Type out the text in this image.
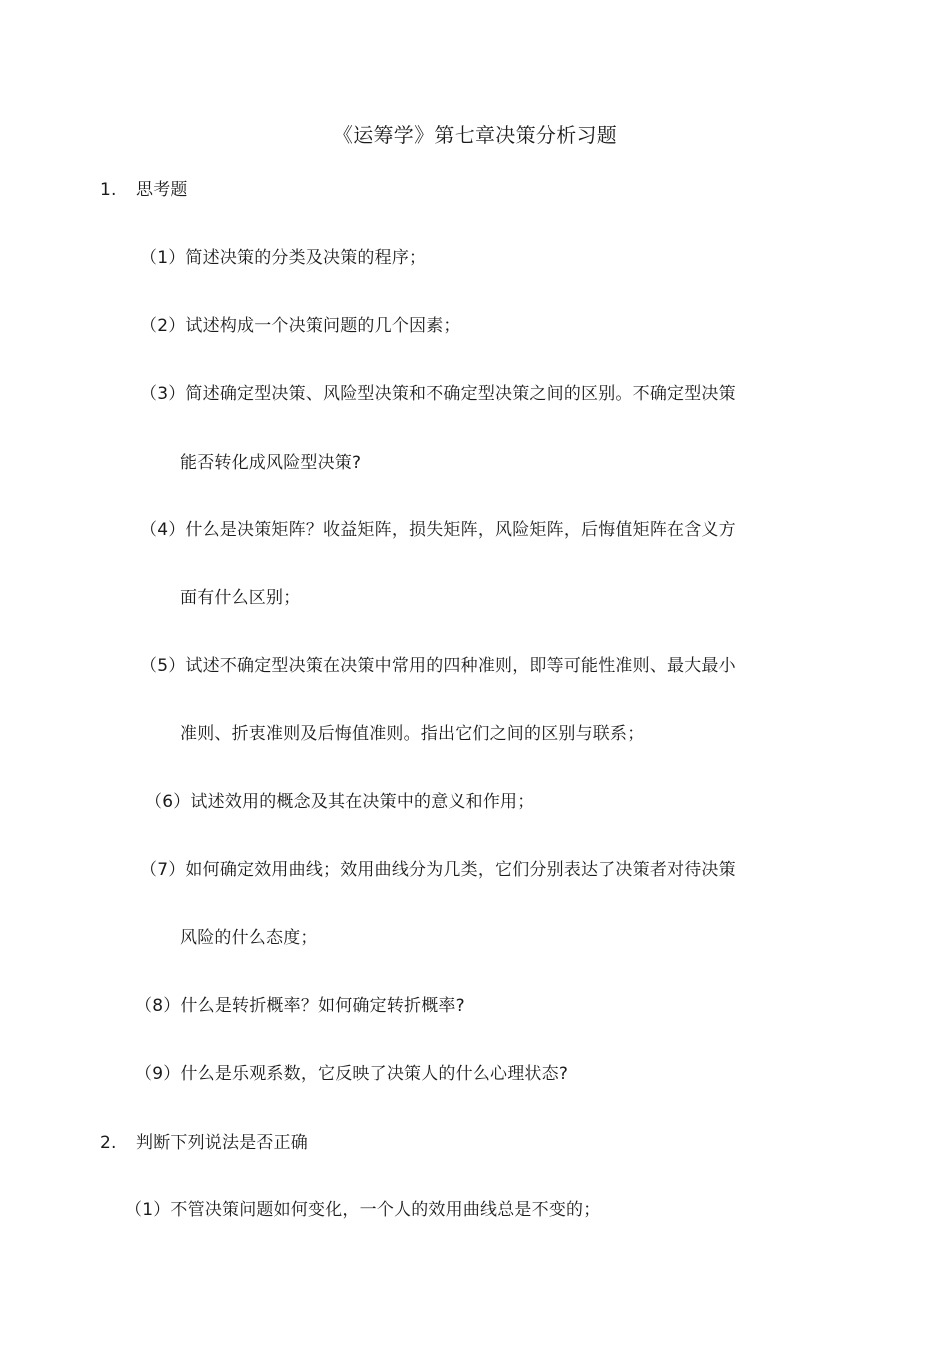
《运筹学》第七章决策分析习题
1. 思考题
（1）简述决策的分类及决策的程序；
（2）试述构成一个决策问题的几个因素；
（3）简述确定型决策、风险型决策和不确定型决策之间的区别。不确定型决策
能否转化成风险型决策?
（4）什么是决策矩阵？收益矩阵，损失矩阵，风险矩阵，后悔值矩阵在含义方
面有什么区别；
（5）试述不确定型决策在决策中常用的四种准则，即等可能性准则、最大最小
准则、折衷准则及后悔值准则。指出它们之间的区别与联系；
（6）试述效用的概念及其在决策中的意义和作用；
（7）如何确定效用曲线；效用曲线分为几类，它们分别表达了决策者对待决策
风险的什么态度；
（8）什么是转折概率？如何确定转折概率?
（9）什么是乐观系数，它反映了决策人的什么心理状态?
2. 判断下列说法是否正确
（1）不管决策问题如何变化，一个人的效用曲线总是不变的；
